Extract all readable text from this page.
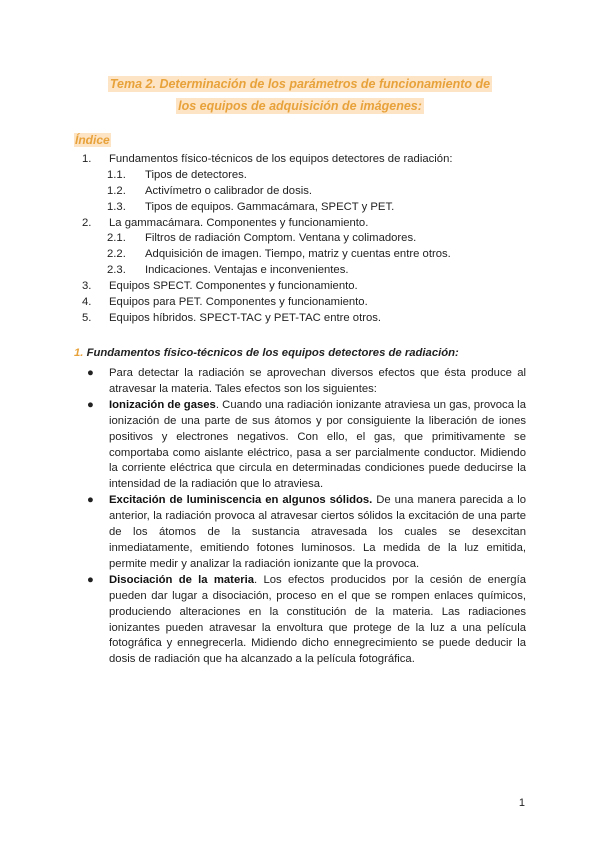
Tema 2. Determinación de los parámetros de funcionamiento de
los equipos de adquisición de imágenes:
Índice
1. Fundamentos físico-técnicos de los equipos detectores de radiación:
1.1. Tipos de detectores.
1.2. Activímetro o calibrador de dosis.
1.3. Tipos de equipos. Gammacámara, SPECT y PET.
2. La gammacámara. Componentes y funcionamiento.
2.1. Filtros de radiación Comptom. Ventana y colimadores.
2.2. Adquisición de imagen. Tiempo, matriz y cuentas entre otros.
2.3. Indicaciones. Ventajas e inconvenientes.
3. Equipos SPECT. Componentes y funcionamiento.
4. Equipos para PET. Componentes y funcionamiento.
5. Equipos híbridos. SPECT-TAC y PET-TAC entre otros.
1. Fundamentos físico-técnicos de los equipos detectores de radiación:
● Para detectar la radiación se aprovechan diversos efectos que ésta produce al atravesar la materia. Tales efectos son los siguientes:
● Ionización de gases. Cuando una radiación ionizante atraviesa un gas, provoca la ionización de una parte de sus átomos y por consiguiente la liberación de iones positivos y electrones negativos. Con ello, el gas, que primitivamente se comportaba como aislante eléctrico, pasa a ser parcialmente conductor. Midiendo la corriente eléctrica que circula en determinadas condiciones puede deducirse la intensidad de la radiación que lo atraviesa.
● Excitación de luminiscencia en algunos sólidos. De una manera parecida a lo anterior, la radiación provoca al atravesar ciertos sólidos la excitación de una parte de los átomos de la sustancia atravesada los cuales se desexcitan inmediatamente, emitiendo fotones luminosos. La medida de la luz emitida, permite medir y analizar la radiación ionizante que la provoca.
● Disociación de la materia. Los efectos producidos por la cesión de energía pueden dar lugar a disociación, proceso en el que se rompen enlaces químicos, produciendo alteraciones en la constitución de la materia. Las radiaciones ionizantes pueden atravesar la envoltura que protege de la luz a una película fotográfica y ennegrecerla. Midiendo dicho ennegrecimiento se puede deducir la dosis de radiación que ha alcanzado a la película fotográfica.
1
